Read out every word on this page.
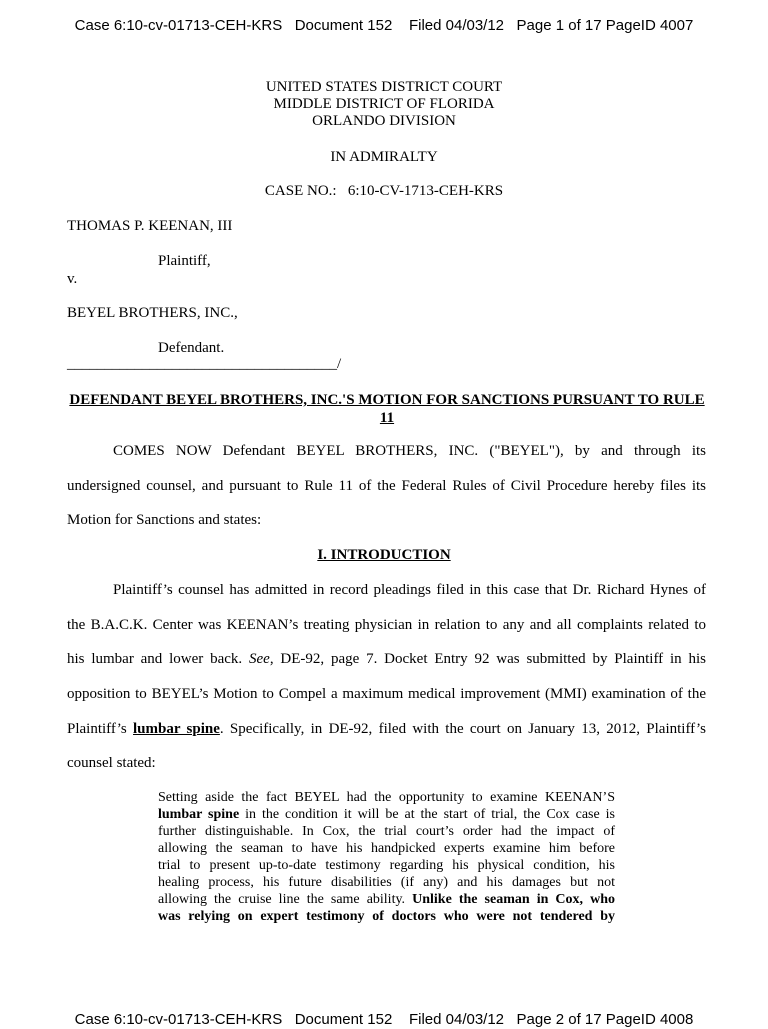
Case 6:10-cv-01713-CEH-KRS   Document 152    Filed 04/03/12   Page 1 of 17 PageID 4007
UNITED STATES DISTRICT COURT
MIDDLE DISTRICT OF FLORIDA
ORLANDO DIVISION
IN ADMIRALTY
CASE NO.:   6:10-CV-1713-CEH-KRS
THOMAS P. KEENAN, III
Plaintiff,
v.
BEYEL BROTHERS, INC.,
Defendant.
____________________________________/
DEFENDANT BEYEL BROTHERS, INC.'S MOTION FOR SANCTIONS PURSUANT TO RULE 11
COMES NOW Defendant BEYEL BROTHERS, INC. ("BEYEL"), by and through its
undersigned counsel, and pursuant to Rule 11 of the Federal Rules of Civil Procedure hereby files its
Motion for Sanctions and states:
I. INTRODUCTION
Plaintiff’s counsel has admitted in record pleadings filed in this case that Dr. Richard Hynes of
the B.A.C.K. Center was KEENAN’s treating physician in relation to any and all complaints related to
his lumbar and lower back. See, DE-92, page 7. Docket Entry 92 was submitted by Plaintiff in his
opposition to BEYEL’s Motion to Compel a maximum medical improvement (MMI) examination of the
Plaintiff’s lumbar spine. Specifically, in DE-92, filed with the court on January 13, 2012, Plaintiff’s
counsel stated:
Setting aside the fact BEYEL had the opportunity to examine KEENAN’S
lumbar spine in the condition it will be at the start of trial, the Cox case is
further distinguishable. In Cox, the trial court’s order had the impact of
allowing the seaman to have his handpicked experts examine him before
trial to present up-to-date testimony regarding his physical condition, his
healing process, his future disabilities (if any) and his damages but not
allowing the cruise line the same ability. Unlike the seaman in Cox, who
was relying on expert testimony of doctors who were not tendered by
Case 6:10-cv-01713-CEH-KRS   Document 152    Filed 04/03/12   Page 2 of 17 PageID 4008
